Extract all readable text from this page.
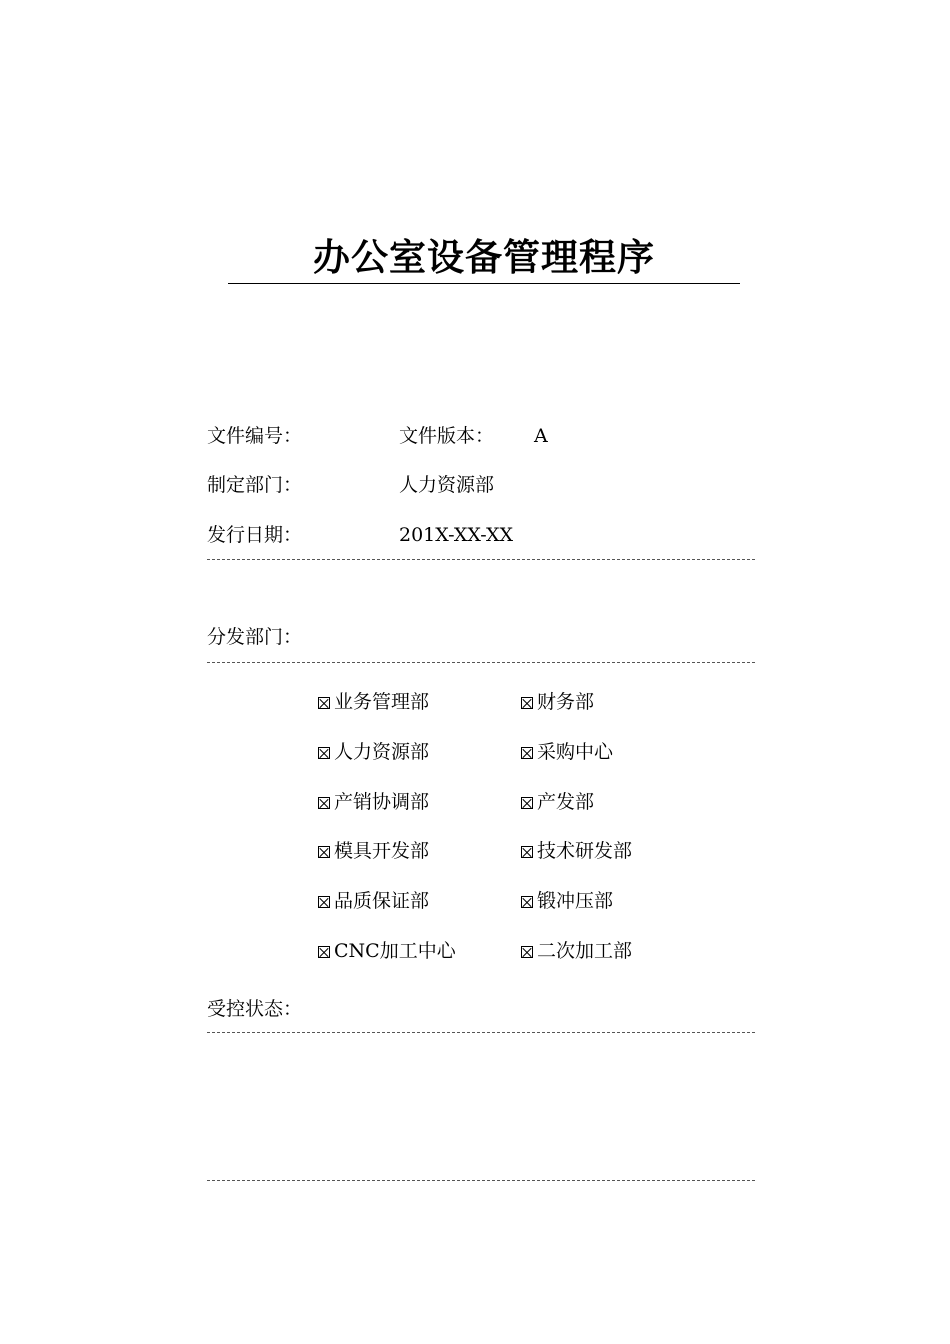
办公室设备管理程序
文件编号：	文件版本： A
制定部门：	人力资源部
发行日期：	201X-XX-XX
分发部门：
业务管理部	财务部
人力资源部	采购中心
产销协调部	产发部
模具开发部	技术研发部
品质保证部	锻冲压部
CNC加工中心	二次加工部
受控状态：
